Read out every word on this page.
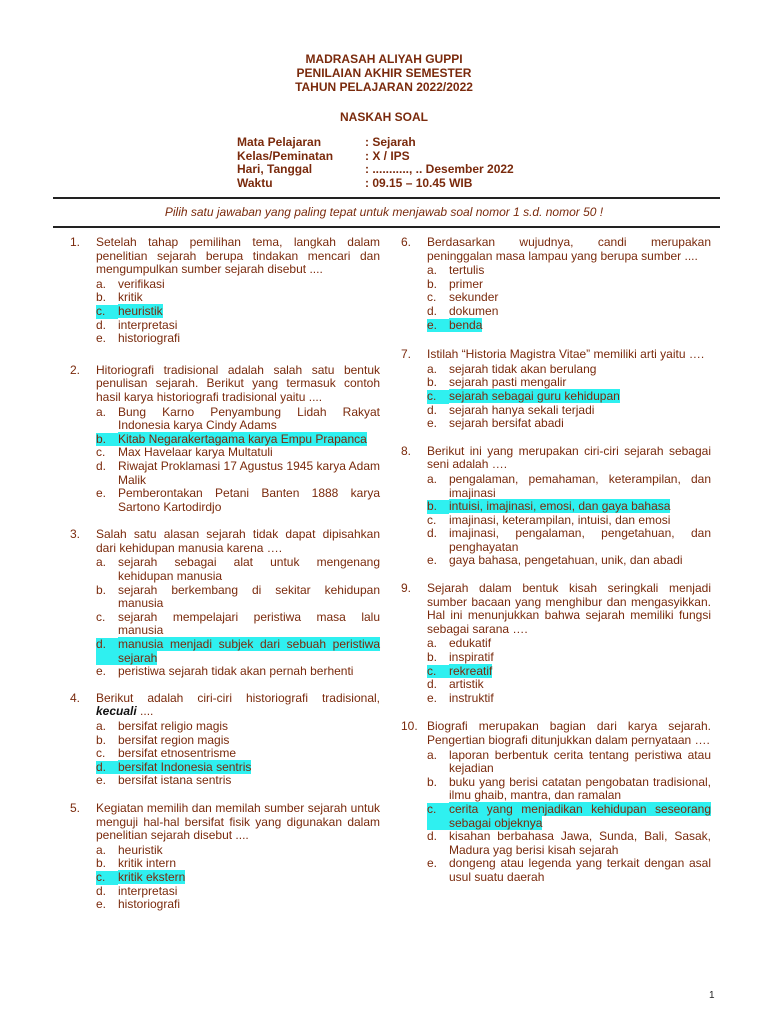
MADRASAH ALIYAH GUPPI
PENILAIAN AKHIR SEMESTER
TAHUN PELAJARAN 2022/2022
NASKAH SOAL
Mata Pelajaran	: Sejarah
Kelas/Peminatan	: X / IPS
Hari, Tanggal	: ..........., .. Desember 2022
Waktu	: 09.15 – 10.45 WIB
Pilih satu jawaban yang paling tepat untuk menjawab soal nomor 1 s.d. nomor 50 !
1.	Setelah tahap pemilihan tema, langkah dalam penelitian sejarah berupa tindakan mencari dan mengumpulkan sumber sejarah disebut ....
a. verifikasi
b. kritik
c.	heuristik
d. interpretasi
e. historiografi
2.	Hitoriografi tradisional adalah salah satu bentuk penulisan sejarah. Berikut yang termasuk contoh hasil karya historiografi tradisional yaitu ....
a. Bung Karno Penyambung Lidah Rakyat Indonesia karya Cindy Adams
b. Kitab Negarakertagama karya Empu Prapanca
c.	Max Havelaar karya Multatuli
d. Riwajat Proklamasi 17 Agustus 1945 karya Adam Malik
e. Pemberontakan Petani Banten 1888 karya Sartono Kartodirdjo
3.	Salah satu alasan sejarah tidak dapat dipisahkan dari kehidupan manusia karena ….
a. sejarah sebagai alat untuk mengenang kehidupan manusia
b. sejarah berkembang di sekitar kehidupan manusia
c.	sejarah mempelajari peristiwa masa lalu manusia
d. manusia menjadi subjek dari sebuah peristiwa sejarah
e. peristiwa sejarah tidak akan pernah berhenti
4.	Berikut adalah ciri-ciri historiografi tradisional, kecuali ....
a. bersifat religio magis
b. bersifat region magis
c.	bersifat etnosentrisme
d. bersifat Indonesia sentris
e. bersifat istana sentris
5.	Kegiatan memilih dan memilah sumber sejarah untuk menguji hal-hal bersifat fisik yang digunakan dalam penelitian sejarah disebut ....
a. heuristik
b. kritik intern
c.	kritik ekstern
d. interpretasi
e. historiografi
6.	Berdasarkan wujudnya, candi merupakan peninggalan masa lampau yang berupa sumber ....
a. tertulis
b. primer
c.	sekunder
d. dokumen
e. benda
7.	Istilah “Historia Magistra Vitae” memiliki arti yaitu ….
a. sejarah tidak akan berulang
b. sejarah pasti mengalir
c.	sejarah sebagai guru kehidupan
d. sejarah hanya sekali terjadi
e. sejarah bersifat abadi
8.	Berikut ini yang merupakan ciri-ciri sejarah sebagai seni adalah ….
a. pengalaman, pemahaman, keterampilan, dan imajinasi
b. intuisi, imajinasi, emosi, dan gaya bahasa
c.	imajinasi, keterampilan, intuisi, dan emosi
d. imajinasi, pengalaman, pengetahuan, dan penghayatan
e. gaya bahasa, pengetahuan, unik, dan abadi
9.	Sejarah dalam bentuk kisah seringkali menjadi sumber bacaan yang menghibur dan mengasyikkan. Hal ini menunjukkan bahwa sejarah memiliki fungsi sebagai sarana ….
a. edukatif
b. inspiratif
c.	rekreatif
d. artistik
e. instruktif
10. Biografi merupakan bagian dari karya sejarah. Pengertian biografi ditunjukkan dalam pernyataan ….
a. laporan berbentuk cerita tentang peristiwa atau kejadian
b. buku yang berisi catatan pengobatan tradisional, ilmu ghaib, mantra, dan ramalan
c.	cerita yang menjadikan kehidupan seseorang sebagai objeknya
d. kisahan berbahasa Jawa, Sunda, Bali, Sasak, Madura yag berisi kisah sejarah
e. dongeng atau legenda yang terkait dengan asal usul suatu daerah
1
